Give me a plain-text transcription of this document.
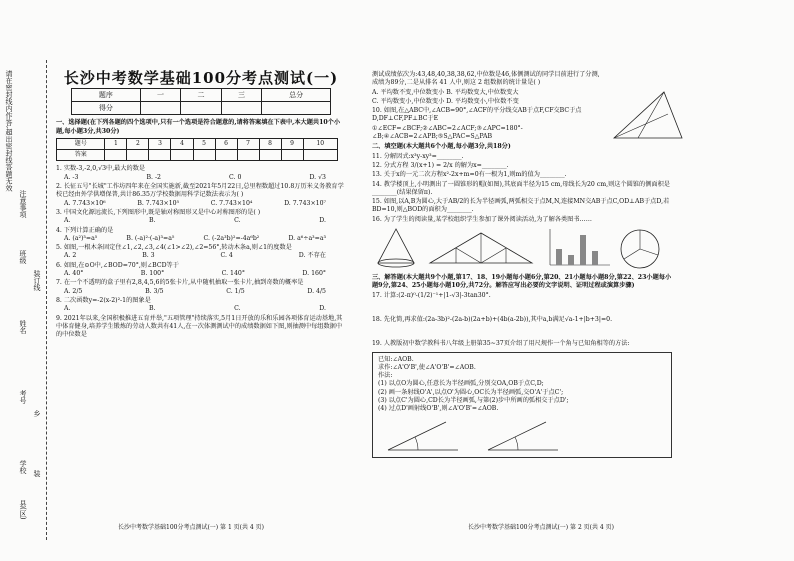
请在密封线内作答,超出密封线答题无效
注意事项
班级
姓名
考号
学校
县(区)
乡
装
装订线
长沙中考数学基础100分考点测试(一)
题序	一	二	三	总分
得分				
一、选择题(在下列各题的四个选项中,只有一个选项是符合题意的,请将答案填在下表中,本大题共10个小题,每小题3分,共30分)
题号	1	2	3	4	5	6	7	8	9	10
答案										
1. 实数-3,-2,0,√3中,最大的数是
A. -3	B. -2	C. 0	D. √3
2. 长征五号"长城"工作坊四年来在全国实施新,截至2021年5月22日,总里程数超过10.8万历米义务教育学校已经由外学供增保普,共计86.35万学校数据用科学记数法表示为( )
A. 7.743×10⁶	B. 7.743×10⁵	C. 7.743×10⁴	D. 7.743×10⁷
3. 中国文化源远流长,下列图形中,既是轴对称图形又是中心对称图形的是( )
A.	B.	C.	D.
4. 下列计算正确的是
A. (a²)³=a⁵	B. (-a)²·(-a)³=a⁵	C. (-2a³b)²=-4a⁶b²	D. a⁶÷a³=a³
5. 如图,一根木条固定住∠1,∠2,∠3,∠4(∠1>∠2),∠2=56°,转动木条a,则∠1的度数是
A. 2	B. 3	C. 4	D. 不存在
6. 如图,在⊙O中,∠BOD=70°,则∠BCD等于
A. 40°	B. 100°	C. 140°	D. 160°
7. 在一个不透明的盒子里有2,8,4,5,6的5张卡片,从中随机抽取一张卡片,抽到奇数的概率是
A. 2/5	B. 3/5	C. 1/5	D. 4/5
8. 二次函数y=-2(x-2)²-1的图象是
A.	B.	C.	D.
9. 2021年以来,全国积极推进五育并举,"五项管理"持续落实,5月1日开放的乐和乐园各项体育运动基地,其中体育健身,培养学生锻炼的劳动人数共有41人,在一次体测测试中的成绩数据如下图,则抽测中每组数据中的中位数是
测试成绩依次为:43,48,40,38,38,62,中位数是46,体侧测试的同学目前进行了分测,成绩为89分,二是从排名 41 人中,则这 2 组数据的统计量是( )
A. 平均数不变,中位数变小 B. 平均数变大,中位数变大
C. 平均数变小,中位数变小 D. 平均数变小,中位数不变
10. 如图,在△ABC中,∠ACB=90°,∠ACF的平分线交AB于点F,CF交BC于点D,DF⊥CF,PF⊥BC于E
①∠ECF=∠BCF;②∠ABC=2∠ACF;③∠APC=180°-∠B;④∠ACB=2∠APB;⑤S△PAC=S△PAB
二、填空题(本大题共6个小题,每小题3分,共18分)
11. 分解因式:x³y-xy³=________.
12. 分式方程 3/(x+1) = 2/x 的解为x=________.
13. 关于x的一元二次方程x²-2x+m=0有一根为1,则m的值为________.
14. 教学楼顶上,小明测出了一圆锥形的帽(如图),其底面半径为15 cm,母线长为20 cm,则这个圆锥的侧面积是________(结果保留π).
15. 如图,以A,B为圆心,大于AB/2的长为半径画弧,两弧相交于点M,N,连接MN交AB于点C,OD⊥AB于点D,若BD=10,则△BOD的面积为________.
16. 为了学生的阅读量,某学校组织学生参加了课外阅读活动,为了解各类图书……
三、解答题(本大题共9个小题,第17、18、19小题每小题6分,第20、21小题每小题8分,第22、23小题每小题9分,第24、25小题每小题10分,共72分。解答应写出必要的文字说明、证明过程或演算步骤)
17. 计算:(2-π)⁰-(1/2)⁻¹+|1-√3|-3tan30°.
18. 先化简,再求值:(2a-3b)²-(2a-b)(2a+b)+(4b(a-2b)),其中a,b满足√a-1+|b+3|=0.
19. 人教版初中数学教科书八年级上册第35~37页介绍了用尺规作一个角与已知角相等的方法:
已知:∠AOB.
求作:∠A'O'B',使∠A'O'B'=∠AOB.
作法:
(1) 以点O为圆心,任意长为半径画弧,分别交OA,OB于点C,D;
(2) 画一条射线O'A',以点O'为圆心,OC长为半径画弧,交O'A'于点C';
(3) 以点C'为圆心,CD长为半径画弧,与第(2)步中所画的弧相交于点D';
(4) 过点D'画射线O'B',则∠A'O'B'=∠AOB.
长沙中考数学基础100分考点测试(一) 第 1 页(共 4 页)	长沙中考数学基础100分考点测试(一) 第 2 页(共 4 页)
